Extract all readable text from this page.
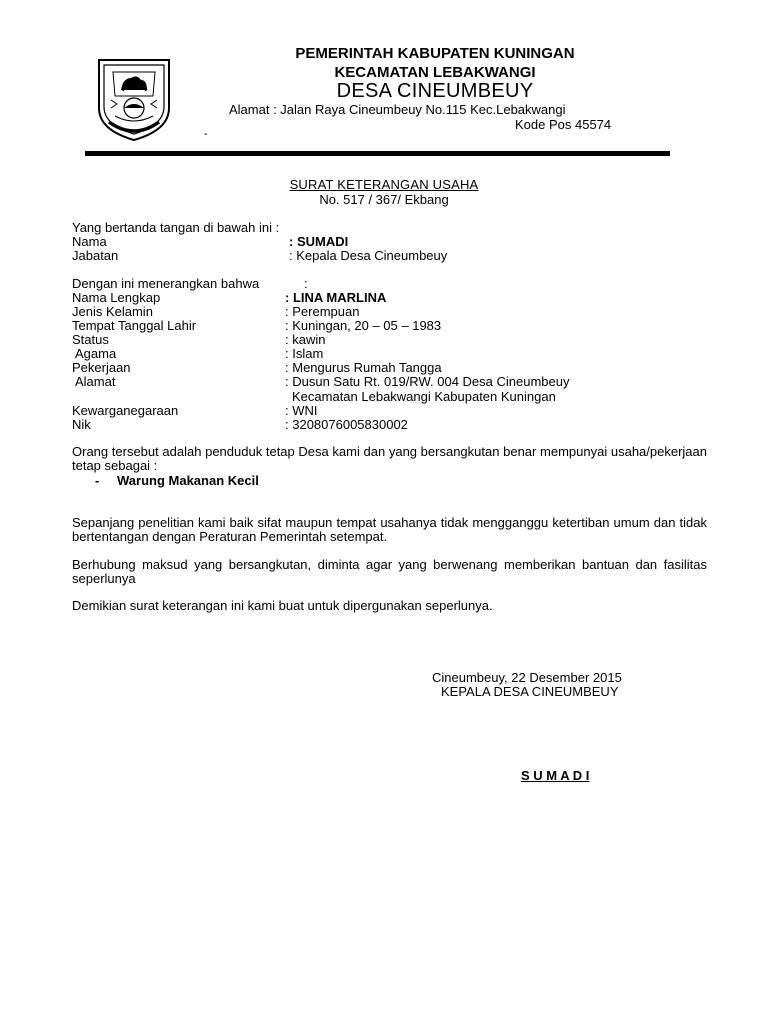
PEMERINTAH KABUPATEN KUNINGAN
KECAMATAN LEBAKWANGI
DESA CINEUMBEUY
Alamat : Jalan Raya Cineumbeuy No.115 Kec.Lebakwangi
Kode Pos 45574
-
SURAT KETERANGAN USAHA
No. 517 / 367/ Ekbang
Yang bertanda tangan di bawah ini :
Nama	: SUMADI
Jabatan	: Kepala Desa Cineumbeuy
Dengan ini menerangkan bahwa	:
Nama Lengkap	: LINA MARLINA
Jenis Kelamin	: Perempuan
Tempat Tanggal Lahir	: Kuningan, 20 – 05 – 1983
Status	: kawin
Agama	: Islam
Pekerjaan	: Mengurus Rumah Tangga
Alamat	: Dusun Satu Rt. 019/RW. 004 Desa Cineumbeuy
Kecamatan Lebakwangi Kabupaten Kuningan
Kewarganegaraan	: WNI
Nik	: 3208076005830002
Orang tersebut adalah penduduk tetap Desa kami dan yang bersangkutan benar mempunyai usaha/pekerjaan tetap sebagai :
- Warung Makanan Kecil
Sepanjang penelitian kami baik sifat maupun tempat usahanya tidak mengganggu ketertiban umum dan tidak bertentangan dengan Peraturan Pemerintah setempat.
Berhubung maksud yang bersangkutan, diminta agar yang berwenang memberikan bantuan dan fasilitas seperlunya
Demikian surat keterangan ini kami buat untuk dipergunakan seperlunya.
Cineumbeuy, 22 Desember 2015
KEPALA DESA CINEUMBEUY
S U M A D I
